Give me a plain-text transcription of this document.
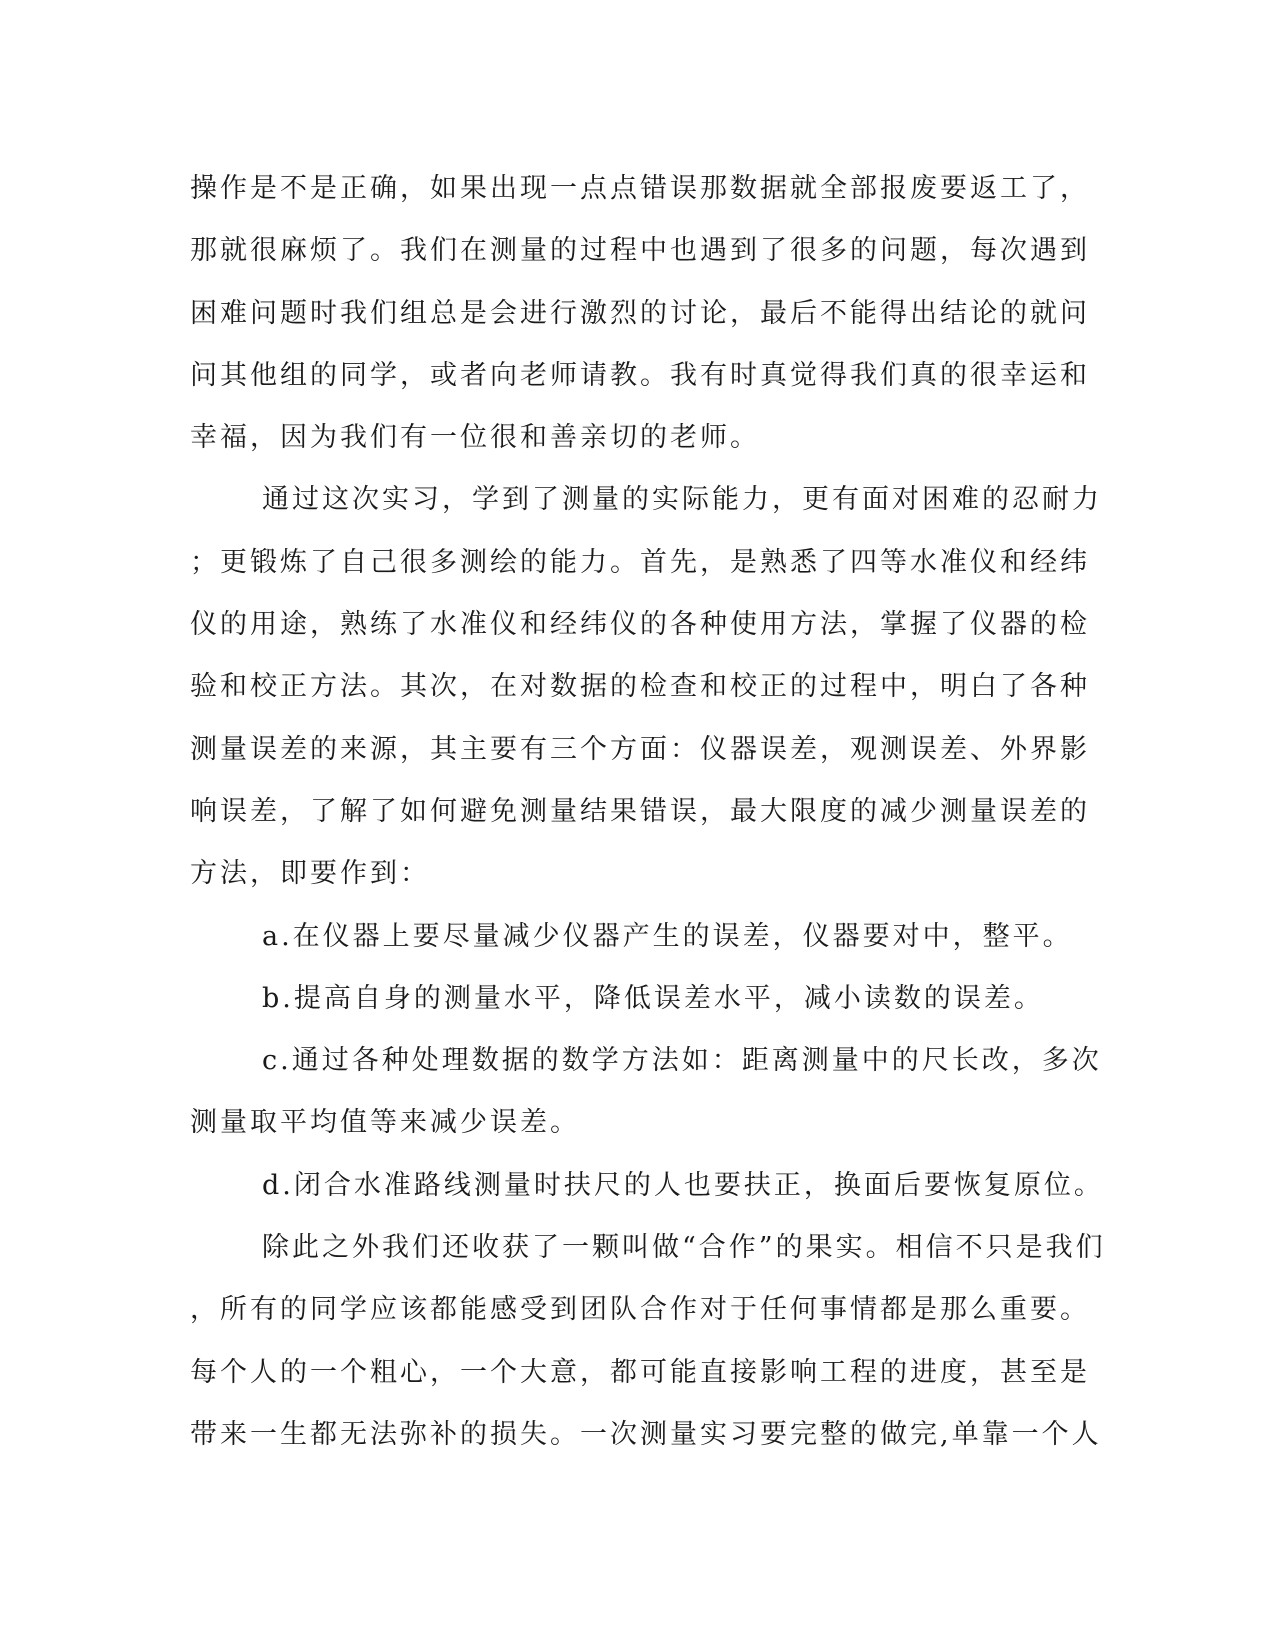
操作是不是正确，如果出现一点点错误那数据就全部报废要返工了，
那就很麻烦了。我们在测量的过程中也遇到了很多的问题，每次遇到
困难问题时我们组总是会进行激烈的讨论，最后不能得出结论的就问
问其他组的同学，或者向老师请教。我有时真觉得我们真的很幸运和
幸福，因为我们有一位很和善亲切的老师。
通过这次实习，学到了测量的实际能力，更有面对困难的忍耐力
；更锻炼了自己很多测绘的能力。首先，是熟悉了四等水准仪和经纬
仪的用途，熟练了水准仪和经纬仪的各种使用方法，掌握了仪器的检
验和校正方法。其次，在对数据的检查和校正的过程中，明白了各种
测量误差的来源，其主要有三个方面：仪器误差，观测误差、外界影
响误差，了解了如何避免测量结果错误，最大限度的减少测量误差的
方法，即要作到：
a.在仪器上要尽量减少仪器产生的误差，仪器要对中，整平。
b.提高自身的测量水平，降低误差水平，减小读数的误差。
c.通过各种处理数据的数学方法如：距离测量中的尺长改，多次
测量取平均值等来减少误差。
d.闭合水准路线测量时扶尺的人也要扶正，换面后要恢复原位。
除此之外我们还收获了一颗叫做“合作”的果实。相信不只是我们
，所有的同学应该都能感受到团队合作对于任何事情都是那么重要。
每个人的一个粗心，一个大意，都可能直接影响工程的进度，甚至是
带来一生都无法弥补的损失。一次测量实习要完整的做完,单靠一个人
